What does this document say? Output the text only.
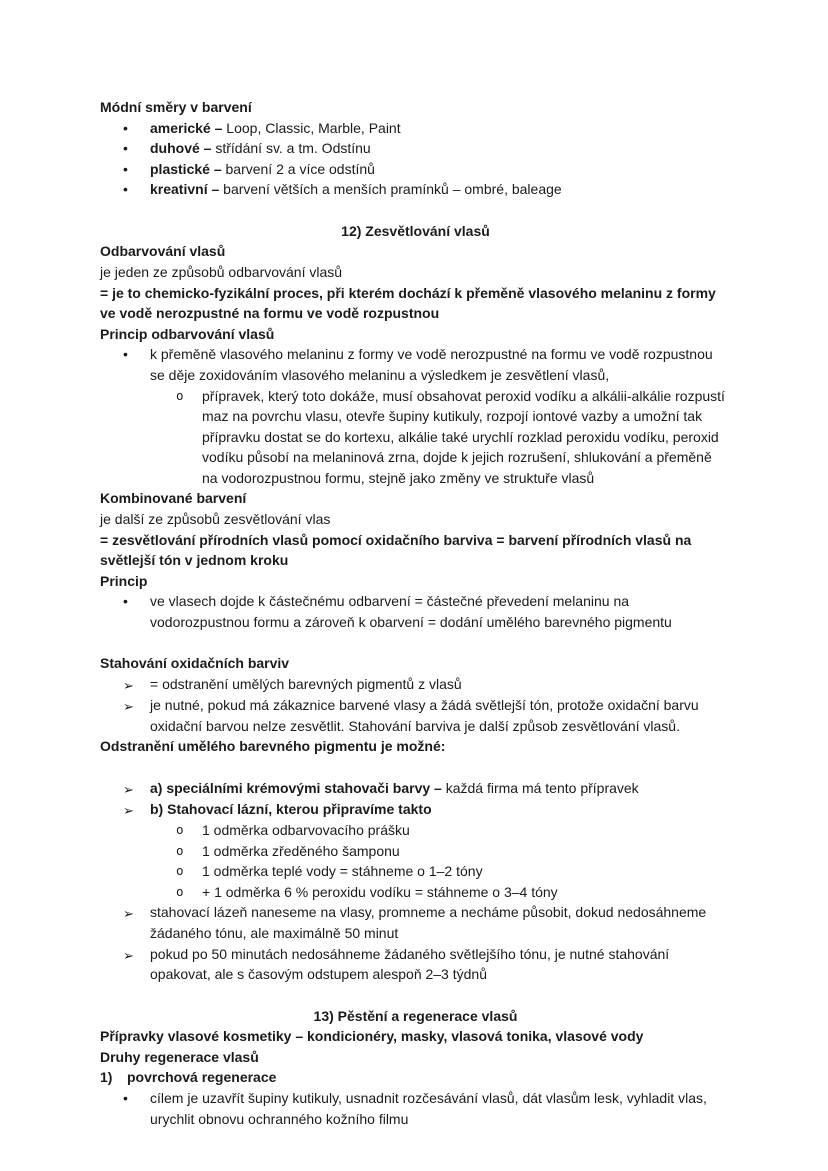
Módní směry v barvení
•	americké – Loop, Classic, Marble, Paint
•	duhové – střídání sv. a tm. Odstínu
•	plastické – barvení 2 a více odstínů
•	kreativní – barvení větších a menších pramínků – ombré, baleage
12) Zesvětlování vlasů
Odbarvování vlasů
je jeden ze způsobů odbarvování vlasů
= je to chemicko-fyzikální proces, při kterém dochází k přeměně vlasového melaninu z formy ve vodě nerozpustné na formu ve vodě rozpustnou
Princip odbarvování vlasů
•	k přeměně vlasového melaninu z formy ve vodě nerozpustné na formu ve vodě rozpustnou se děje zoxidováním vlasového melaninu a výsledkem je zesvětlení vlasů,
o	přípravek, který toto dokáže, musí obsahovat peroxid vodíku a alkálii-alkálie rozpustí maz na povrchu vlasu, otevře šupiny kutikuly, rozpojí iontové vazby a umožní tak přípravku dostat se do kortexu, alkálie také urychlí rozklad peroxidu vodíku, peroxid vodíku působí na melaninová zrna, dojde k jejich rozrušení, shlukování a přeměně na vodorozpustnou formu, stejně jako změny ve struktuře vlasů
Kombinované barvení
je další ze způsobů zesvětlování vlas
= zesvětlování přírodních vlasů pomocí oxidačního barviva = barvení přírodních vlasů na světlejší tón v jednom kroku
Princip
•	ve vlasech dojde k částečnému odbarvení = částečné převedení melaninu na vodorozpustnou formu a zároveň k obarvení = dodání umělého barevného pigmentu
Stahování oxidačních barviv
➢	= odstranění umělých barevných pigmentů z vlasů
➢	je nutné, pokud má zákaznice barvené vlasy a žádá světlejší tón, protože oxidační barvu oxidační barvou nelze zesvětlit. Stahování barviva je další způsob zesvětlování vlasů.
Odstranění umělého barevného pigmentu je možné:
➢	a) speciálními krémovými stahovači barvy – každá firma má tento přípravek
➢	b) Stahovací lázní, kterou připravíme takto
o	1 odměrka odbarvovacího prášku
o	1 odměrka zředěného šamponu
o	1 odměrka teplé vody = stáhneme o 1–2 tóny
o	+ 1 odměrka 6 % peroxidu vodíku = stáhneme o 3–4 tóny
➢	stahovací lázeň naneseme na vlasy, promneme a necháme působit, dokud nedosáhneme žádaného tónu, ale maximálně 50 minut
➢	pokud po 50 minutách nedosáhneme žádaného světlejšího tónu, je nutné stahování opakovat, ale s časovým odstupem alespoň 2–3 týdnů
13) Pěstění a regenerace vlasů
Přípravky vlasové kosmetiky – kondicionéry, masky, vlasová tonika, vlasové vody
Druhy regenerace vlasů
1)	povrchová regenerace
•	cílem je uzavřít šupiny kutikuly, usnadnit rozčesávání vlasů, dát vlasům lesk, vyhladit vlas, urychlit obnovu ochranného kožního filmu
